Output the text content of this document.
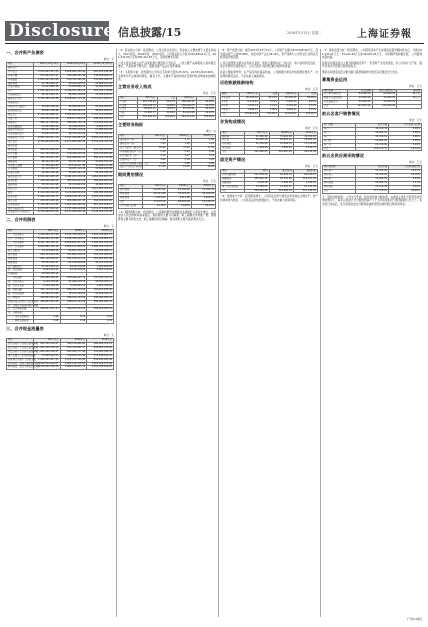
Disclosure 信息披露/15	2018年5月15日 星期二	上海证券報
一、合并资产负债表
单位：元
项目	2017年12月31日	2016年12月31日	2015年12月31日
流动资产：			
货币资金	1,153,413,327.35	1,224,281,432.90	903,452,199.56
应收票据	253,412,810.27	192,446,301.92	136,918,420.11
应收账款	1,003,415,221.06	870,332,190.18	712,205,448.76
预付款项	32,104,562.17	28,930,418.55	19,806,211.43
其他应收款	15,023,881.40	13,205,669.72	10,992,034.18
存货	1,241,906,331.58	1,106,872,405.31	902,143,776.09
其他流动资产	96,113,402.15	84,029,316.60	71,558,920.34
流动资产合计	3,795,589,536.98	3,520,097,735.18	2,757,077,010.47
非流动资产：			
可供出售金融资产	20,000,000.00	20,000,000.00	20,000,000.00
长期股权投资	46,225,108.90	41,310,992.07	38,441,260.13
固定资产	2,110,342,806.14	1,984,206,113.46	1,701,334,560.88
在建工程	312,406,551.29	226,117,804.35	198,562,413.07
无形资产	402,117,365.81	388,006,742.16	351,229,045.90
长期待摊费用	12,305,448.32	10,118,204.67	8,642,377.51
递延所得税资产	38,221,906.44	33,504,118.29	27,908,441.62
其他非流动资产	55,601,230.00	48,330,912.00	36,110,204.00
非流动资产合计	2,997,220,417.70	2,751,594,887.00	2,382,228,303.11
资产总计	6,792,809,954.68	6,271,692,622.18	5,139,305,313.58
流动负债：			
短期借款	820,000,000.00	760,000,000.00	610,000,000.00
应付票据	311,204,558.00	276,440,219.00	204,118,903.00
应付账款	902,336,417.25	811,098,442.37	690,224,715.40
预收款项	66,204,110.18	58,337,904.25	41,902,533.19
应付职工薪酬	71,336,402.64	63,118,207.92	55,906,113.48
应交税费	42,118,330.57	39,205,118.43	31,662,405.08
其他应付款	38,442,106.99	33,905,447.21	29,104,332.76
流动负债合计	2,251,641,925.63	2,042,105,339.18	1,662,919,003.91
长期借款	410,000,000.00	380,000,000.00	300,000,000.00
递延收益	58,330,412.06	52,118,664.32	44,906,320.11
负债合计	2,719,972,337.69	2,474,224,003.50	2,007,825,324.02
股本	1,120,000,000.00	1,120,000,000.00	980,000,000.00
资本公积	1,406,118,335.72	1,406,118,335.72	1,102,330,418.55
盈余公积	210,334,108.46	188,406,221.35	162,118,402.90
未分配利润	1,336,385,172.81	1,082,944,061.61	887,031,168.11
所有者权益合计	4,072,837,616.99	3,797,468,618.68	3,131,479,989.56
负债和所有者权益总计	6,792,809,954.68	6,271,692,622.18	5,139,305,313.58
二、合并利润表
单位：元
项目	2017年度	2016年度	2015年度
一、营业总收入	5,228,406,133.90	4,612,330,418.55	3,904,118,662.07
其中：营业收入	5,228,406,133.90	4,612,330,418.55	3,904,118,662.07
二、营业总成本	4,702,118,335.41	4,166,204,557.29	3,560,991,204.38
其中：营业成本	3,904,662,118.30	3,480,115,406.22	2,980,336,702.15
税金及附加	33,118,904.56	29,605,331.40	22,108,446.71
销售费用	290,336,114.18	251,004,618.32	210,443,906.92
管理费用	402,118,556.07	355,230,117.84	301,662,405.58
财务费用	58,330,410.27	42,118,906.66	39,335,118.04
资产减值损失	13,552,232.03	8,130,176.85	7,104,624.98
加：投资收益	6,304,118.27	4,118,336.50	3,905,114.62
其他收益	18,336,402.11		
三、营业利润	550,928,318.87	450,244,197.76	347,032,572.31
加：营业外收入	4,118,330.62	21,406,118.35	18,336,402.17
减：营业外支出	2,336,118.40	3,118,405.22	2,905,336.18
四、利润总额	552,710,531.09	468,531,910.89	362,463,638.30
减：所得税费用	82,906,579.66	70,279,786.63	54,369,545.75
五、净利润	469,803,951.43	398,252,124.26	308,094,092.55
归属于母公司所有者的净利润	469,803,951.43	398,252,124.26	308,094,092.55
六、其他综合收益的税后净额			
七、综合收益总额	469,803,951.43	398,252,124.26	308,094,092.55
八、每股收益：			
（一）基本每股收益	0.42	0.36	0.31
（二）稀释每股收益	0.42	0.36	0.31
三、合并现金流量表
单位：元
项目	2017年度	2016年度	2015年度
经营活动产生的现金流量净额	612,330,118.47	540,118,402.63	466,204,331.19
投资活动产生的现金流量净额	-402,118,336.58	-512,330,441.07	-398,662,115.40
筹资活动产生的现金流量净额	-281,002,330.47	293,041,277.88	112,004,396.33
现金及现金等价物净增加额	-70,868,105.55	320,829,239.44	179,546,612.12
期末现金及现金等价物余额	1,084,245,227.35	1,155,113,332.90	834,284,093.46
销售商品、提供劳务收到的现金	5,610,334,228.07	4,905,118,336.44	4,118,206,553.92
购买商品、接受劳务支付的现金	4,118,402,336.55	3,660,118,204.71	3,105,336,402.18

（2）营业收入分析：报告期内，公司主营业务突出，营业收入主要来源于主营业务收入。2017年度、2016年度、2015年度，公司营业收入分别为522,840.61万元、461,233.04万元和390,411.87万元，呈持续增长趋势。

公司主营业务收入按产品类别划分情况如下表所示，公司主要产品销售收入保持稳定增长，产品结构不断优化，高附加值产品占比逐年提高。

（3）毛利率分析：报告期内公司综合毛利率分别为25.32%、24.55%和23.66%，毛利率水平总体保持稳定，略有上升，主要系产品结构优化及原材料采购成本控制所致。

主营业务收入构成
单位：万元
项目	2017年度	占比	2016年度	占比
产品A	210,336.40	40.23%	188,406.22	40.85%
产品B	156,118.33	29.86%	136,204.55	29.53%
产品C	98,402.11	18.82%	85,330.41	18.50%
其他	57,983.77	11.09%	51,291.86	11.12%
合计	522,840.61	100.00%	461,233.04	100.00%
主要财务指标
单位：%
项目	2017年度	2016年度	2015年度
流动比率（倍）	1.69	1.72	1.66
速动比率（倍）	1.13	1.18	1.12
资产负债率（母公司）	38.42	37.91	37.55
应收账款周转率（次）	5.58	5.83	5.96
存货周转率（次）	3.32	3.47	3.51
每股净资产（元）	3.64	3.39	3.20
每股经营活动现金流量（元）	0.55	0.48	0.48
加权平均净资产收益率	11.95	11.51	10.26
期间费用情况
单位：万元
项目	2017年度	2016年度	2015年度
销售费用	29,033.61	25,100.46	21,044.39
管理费用	40,211.86	35,523.01	30,166.24
财务费用	5,833.04	4,211.89	3,933.51
合计	75,078.51	64,835.36	55,144.14
占营业收入比例	14.36%	14.06%	14.12%

（4）期间费用分析：报告期内，公司期间费用总额随业务规模扩大而有所增长，占营业收入的比例保持基本稳定。销售费用主要为运输费、职工薪酬及市场推广费；管理费用主要为研发支出、职工薪酬及折旧摊销；财务费用主要为借款利息支出。

（5）资产质量分析：截至2017年12月31日，公司资产总额为679,280.99万元，其中流动资产占比55.88%，非流动资产占比44.12%，资产结构与公司所处行业特点及经营模式相匹配。

公司应收账款主要为应收客户货款，账龄主要集中在一年以内，客户信用状况良好，发生坏账的可能性较小。公司已按会计政策足额计提坏账准备。

存货主要由原材料、在产品及库存商品构成，公司根据订单及市场预测安排生产，存货周转情况良好，不存在重大减值风险。

应收账款账龄结构
单位：万元
账龄	2017年末	比例	2016年末	比例
1年以内	95,206.33	90.12%	82,330.41	89.88%
1-2年	6,118.40	5.79%	5,602.18	6.12%
2-3年	2,330.14	2.21%	2,118.36	2.31%
3年以上	1,986.55	1.88%	1,640.92	1.79%
合计	105,641.42	100.00%	91,691.87	100.00%
存货构成情况
单位：万元
项目	2017年末	2016年末	2015年末
原材料	41,306.22	37,118.40	30,336.55
在产品	28,118.36	25,402.11	20,604.18
库存商品	52,336.40	45,906.33	37,118.92
发出商品	2,429.65	2,260.40	2,154.73
合计	124,190.63	110,687.24	90,214.38
固定资产情况
单位：万元
项目	原值	累计折旧	账面价值
房屋及建筑物	112,336.40	28,118.33	84,218.07
机器设备	186,402.11	82,330.46	104,071.65
运输设备	4,118.36	2,604.18	1,514.18
电子及其他设备	33,206.55	11,976.17	21,230.38
合计	336,063.42	125,029.14	211,034.28

（6）偿债能力分析：报告期各期末，公司流动比率与速动比率保持在合理水平，资产负债率较为稳定，公司具有良好的偿债能力，不存在重大债务风险。

（7）现金流量分析：报告期内，公司经营活动产生的现金流量净额持续为正，分别为61,233.01万元、54,011.84万元和46,620.43万元，与同期净利润相匹配，公司盈利质量较高。

投资活动现金流出主要为购建固定资产、无形资产支付的现金，系公司为扩大产能、提升技术水平而进行的持续投入。

筹资活动现金流量主要为银行借款的取得与偿还以及现金分红支付。

募集资金运用
单位：万元
项目名称	投资总额	拟投入募集资金	建设期
年产XX万吨项目	85,000.00	80,000.00	24个月
研发中心建设项目	15,000.00	15,000.00	18个月
补充流动资金	25,000.00	25,000.00	-
合计	125,000.00	120,000.00	-
前五名客户销售情况
单位：万元
客户名称	销售金额	占营业收入比例
客户一	42,118.33	8.06%
客户二	36,402.11	6.96%
客户三	30,336.55	5.80%
客户四	25,604.18	4.90%
客户五	21,118.40	4.04%
合计	155,579.57	29.76%
前五名供应商采购情况
单位：万元
供应商名称	采购金额	占采购总额比例
供应商一	52,336.40	13.21%
供应商二	41,118.22	10.38%
供应商三	33,604.18	8.48%
供应商四	28,402.11	7.17%
供应商五	22,118.36	5.58%
合计	177,579.27	44.82%

五、股利分配政策：公司实行连续、稳定的利润分配政策，在满足正常生产经营资金需求的情况下，每年以现金方式分配的利润不少于当年实现的可分配利润的百分之十。本次发行完成后，发行前滚存的未分配利润由新老股东按持股比例共同享有。

(下转16版)
